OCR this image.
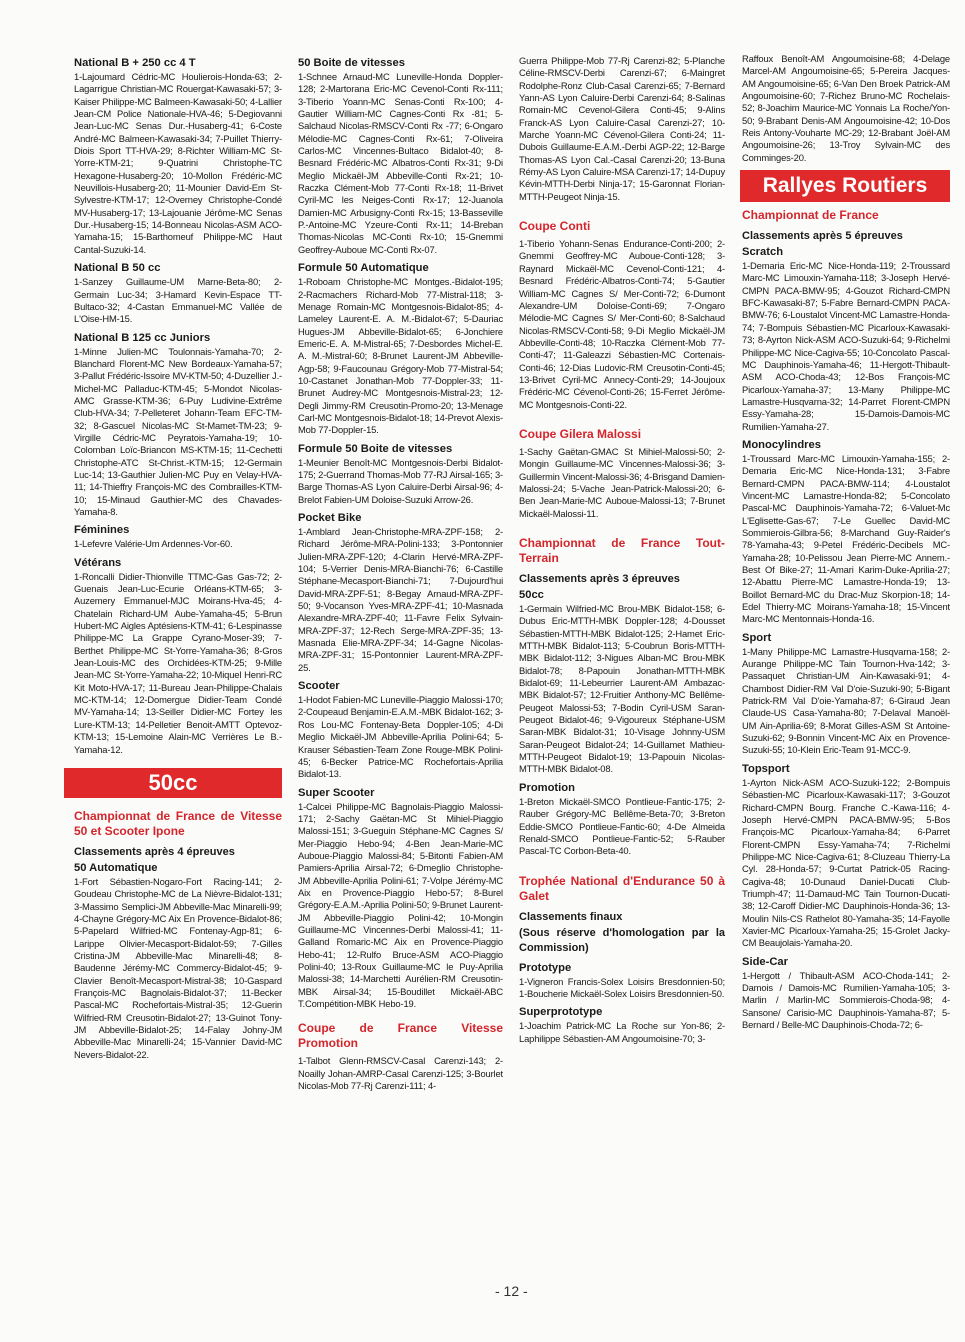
National B + 250 cc 4 T

1-Lajoumard Cédric-MC Houlierois-Honda-63; 2-Lagarrigue Christian-MC Rouergat-Kawasaki-57; 3-Kaiser Philippe-MC Balmeen-Kawasaki-50; 4-Lallier Jean-CM Police Nationale-HVA-46; 5-Degiovanni Jean-Luc-MC Senas Dur.-Husaberg-41; 6-Coste André-MC Balmeen-Kawasaki-34; 7-Puillet Thierry-Diois Sport TT-HVA-29; 8-Richter William-MC St-Yorre-KTM-21; 9-Quatrini Christophe-TC Hexagone-Husaberg-20; 10-Mollon Frédéric-MC Neuvillois-Husaberg-20; 11-Mounier David-Em St-Sylvestre-KTM-17; 12-Overney Christophe-Condé MV-Husaberg-17; 13-Lajouanie Jérôme-MC Senas Dur.-Husaberg-15; 14-Bonneau Nicolas-ASM ACO-Yamaha-15; 15-Barthomeuf Philippe-MC Haut Cantal-Suzuki-14.

National B 50 cc

1-Sanzey Guillaume-UM Marne-Beta-80; 2-Germain Luc-34; 3-Hamard Kevin-Espace TT-Bultaco-32; 4-Castan Emmanuel-MC Vallée de L'Oise-HM-15.

National B 125 cc Juniors

1-Minne Julien-MC Toulonnais-Yamaha-70; 2-Blanchard Florent-MC New Bordeaux-Yamaha-57; 3-Pallut Frédéric-Issoire MV-KTM-50; 4-Duzellier J.-Michel-MC Palladuc-KTM-45; 5-Mondot Nicolas-AMC Grasse-KTM-36; 6-Puy Ludivine-Extrême Club-HVA-34; 7-Pelleteret Johann-Team EFC-TM-32; 8-Gascuel Nicolas-MC St-Mamet-TM-23; 9-Virgille Cédric-MC Peyratois-Yamaha-19; 10-Colomban Loïc-Briancon MS-KTM-15; 11-Cechetti Christophe-ATC St-Christ.-KTM-15; 12-Germain Luc-14; 13-Gauthier Julien-MC Puy en Velay-HVA-11; 14-Thieffry François-MC des Combrailles-KTM-10; 15-Minaud Gauthier-MC des Chavades-Yamaha-8.

Féminines

1-Lefevre Valérie-Um Ardennes-Vor-60.

Vétérans

1-Roncalli Didier-Thionville TTMC-Gas Gas-72; 2-Guenais Jean-Luc-Ecurie Orléans-KTM-65; 3-Auzemery Emmanuel-MJC Moirans-Hva-45; 4-Chatelain Richard-UM Aube-Yamaha-45; 5-Brun Hubert-MC Aigles Aptésiens-KTM-41; 6-Lespinasse Philippe-MC La Grappe Cyrano-Moser-39; 7-Berthet Philippe-MC St-Yorre-Yamaha-36; 8-Gros Jean-Louis-MC des Orchidées-KTM-25; 9-Mille Jean-MC St-Yorre-Yamaha-22; 10-Miquel Henri-RC Kit Moto-HVA-17; 11-Bureau Jean-Philippe-Chalais MC-KTM-14; 12-Domergue Didier-Team Condé MV-Yamaha-14; 13-Seiller Didier-MC Fortey les Lure-KTM-13; 14-Pelletier Benoit-AMTT Optevoz-KTM-13; 15-Lemoine Alain-MC Verrières Le B.-Yamaha-12.

50cc
Championnat de France de Vitesse 50 et Scooter Ipone
Classements après 4 épreuves
50 Automatique

1-Fort Sébastien-Nogaro-Fort Racing-141; 2-Goudeau Christophe-MC de La Nièvre-Bidalot-131; 3-Massimo Semplici-JM Abbeville-Mac Minarelli-99; 4-Chayne Grégory-MC Aix En Provence-Bidalot-86; 5-Papelard Wilfried-MC Fontenay-Agp-81; 6-Larippe Olivier-Mecasport-Bidalot-59; 7-Gilles Cristina-JM Abbeville-Mac Minarelli-48; 8-Baudenne Jérémy-MC Commercy-Bidalot-45; 9-Clavier Benoît-Mecasport-Mistral-38; 10-Gaspard François-MC Bagnolais-Bidalot-37; 11-Becker Pascal-MC Rochefortais-Mistral-35; 12-Guerin Wilfried-RM Creusotin-Bidalot-27; 13-Guinot Tony-JM Abbeville-Bidalot-25; 14-Falay Johny-JM Abbeville-Mac Minarelli-24; 15-Vannier David-MC Nevers-Bidalot-22.

50 Boite de vitesses

1-Schnee Arnaud-MC Luneville-Honda Doppler-128; 2-Martorana Eric-MC Cevenol-Conti Rx-111; 3-Tiberio Yoann-MC Senas-Conti Rx-100; 4-Gautier William-MC Cagnes-Conti Rx -81; 5-Salchaud Nicolas-RMSCV-Conti Rx -77; 6-Ongaro Mélodie-MC Cagnes-Conti Rx-61; 7-Oliveira Carlos-MC Vincennes-Bultaco Bidalot-40; 8-Besnard Frédéric-MC Albatros-Conti Rx-31; 9-Di Meglio Mickaël-JM Abbeville-Conti Rx-21; 10-Raczka Clément-Mob 77-Conti Rx-18; 11-Brivet Cyril-MC les Neiges-Conti Rx-17; 12-Juanola Damien-MC Arbusigny-Conti Rx-15; 13-Basseville P.-Antoine-MC Yzeure-Conti Rx-11; 14-Breban Thomas-Nicolas MC-Conti Rx-10; 15-Gnemmi Geoffrey-Auboue MC-Conti Rx-07.

Formule 50 Automatique

1-Roboam Christophe-MC Montges.-Bidalot-195; 2-Racmachers Richard-Mob 77-Mistral-118; 3-Menage Romain-MC Montgesnois-Bidalot-85; 4-Lameley Laurent-E. A. M.-Bidalot-67; 5-Dauriac Hugues-JM Abbeville-Bidalot-65; 6-Jonchiere Emeric-E. A. M-Mistral-65; 7-Desbordes Michel-E. A. M.-Mistral-60; 8-Brunet Laurent-JM Abbeville-Agp-58; 9-Faucounau Grégory-Mob 77-Mistral-54; 10-Castanet Jonathan-Mob 77-Doppler-33; 11-Brunet Audrey-MC Montgesnois-Mistral-23; 12-Degli Jimmy-RM Creusotin-Promo-20; 13-Menage Carl-MC Montgesnois-Bidalot-18; 14-Prevot Alexis-Mob 77-Doppler-15.

Formule 50 Boite de vitesses

1-Meunier Benoît-MC Montgesnois-Derbi Bidalot-175; 2-Guerrand Thomas-Mob 77-RJ Airsal-165; 3-Barge Thomas-AS Lyon Caluire-Derbi Airsal-96; 4-Brelot Fabien-UM Doloise-Suzuki Arrow-26.

Pocket Bike

1-Amblard Jean-Christophe-MRA-ZPF-158; 2-Richard Jérôme-MRA-Polini-133; 3-Pontonnier Julien-MRA-ZPF-120; 4-Clarin Hervé-MRA-ZPF-104; 5-Verrier Denis-MRA-Bianchi-76; 6-Castille Stéphane-Mecasport-Bianchi-71; 7-Dujourd'hui David-MRA-ZPF-51; 8-Begay Arnaud-MRA-ZPF-50; 9-Vocanson Yves-MRA-ZPF-41; 10-Masnada Alexandre-MRA-ZPF-40; 11-Favre Felix Sylvain-MRA-ZPF-37; 12-Rech Serge-MRA-ZPF-35; 13-Masnada Elie-MRA-ZPF-34; 14-Gagne Nicolas-MRA-ZPF-31; 15-Pontonnier Laurent-MRA-ZPF-25.

Scooter

1-Hodot Fabien-MC Luneville-Piaggio Malossi-170; 2-Coupeaud Benjamin-E.A.M.-MBK Bidalot-162; 3-Ros Lou-MC Fontenay-Beta Doppler-105; 4-Di Meglio Mickaël-JM Abbeville-Aprilia Polini-64; 5-Krauser Sébastien-Team Zone Rouge-MBK Polini-45; 6-Becker Patrice-MC Rochefortais-Aprilia Bidalot-13.

Super Scooter

1-Calcei Philippe-MC Bagnolais-Piaggio Malossi-171; 2-Sachy Gaëtan-MC St Mihiel-Piaggio Malossi-151; 3-Gueguin Stéphane-MC Cagnes S/ Mer-Piaggio Hebo-94; 4-Ben Jean-Marie-MC Auboue-Piaggio Malossi-84; 5-Bitonti Fabien-AM Pamiers-Aprilia Airsal-72; 6-Dmeglio Christophe-JM Abbeville-Aprilia Polini-61; 7-Volpe Jérémy-MC Aix en Provence-Piaggio Hebo-57; 8-Burel Grégory-E.A.M.-Aprilia Polini-50; 9-Brunet Laurent-JM Abbeville-Piaggio Polini-42; 10-Mongin Guillaume-MC Vincennes-Derbi Malossi-41; 11-Galland Romaric-MC Aix en Provence-Piaggio Hebo-41; 12-Rulfo Bruce-ASM ACO-Piaggio Polini-40; 13-Roux Guillaume-MC le Puy-Aprilia Malossi-38; 14-Marchetti Aurélien-RM Creusotin-MBK Airsal-34; 15-Boudillet Mickaël-ABC T.Compétition-MBK Hebo-19.

Coupe de France Vitesse Promotion

1-Talbot Glenn-RMSCV-Casal Carenzi-143; 2-Noailly Johan-AMRP-Casal Carenzi-125; 3-Bourlet Nicolas-Mob 77-Rj Carenzi-111; 4-

Guerra Philippe-Mob 77-Rj Carenzi-82; 5-Planche Céline-RMSCV-Derbi Carenzi-67; 6-Maingret Rodolphe-Ronz Club-Casal Carenzi-65; 7-Bernard Yann-AS Lyon Caluire-Derbi Carenzi-64; 8-Salinas Romain-MC Cevenol-Gilera Conti-45; 9-Alins Franck-AS Lyon Caluire-Casal Carenzi-27; 10-Marche Yoann-MC Cévenol-Gilera Conti-24; 11-Dubois Guillaume-E.A.M.-Derbi AGP-22; 12-Barge Thomas-AS Lyon Cal.-Casal Carenzi-20; 13-Buna Rémy-AS Lyon Caluire-MSA Carenzi-17; 14-Dupuy Kévin-MTTH-Derbi Ninja-17; 15-Garonnat Florian-MTTH-Peugeot Ninja-15.

Coupe Conti

1-Tiberio Yohann-Senas Endurance-Conti-200; 2-Gnemmi Geoffrey-MC Auboue-Conti-128; 3-Raynard Mickaël-MC Cevenol-Conti-121; 4-Besnard Frédéric-Albatros-Conti-74; 5-Gautier William-MC Cagnes S/ Mer-Conti-72; 6-Dumont Alexandre-UM Doloise-Conti-69; 7-Ongaro Mélodie-MC Cagnes S/ Mer-Conti-60; 8-Salchaud Nicolas-RMSCV-Conti-58; 9-Di Meglio Mickaël-JM Abbeville-Conti-48; 10-Raczka Clément-Mob 77-Conti-47; 11-Galeazzi Sébastien-MC Cortenais-Conti-46; 12-Dias Ludovic-RM Creusotin-Conti-45; 13-Brivet Cyril-MC Annecy-Conti-29; 14-Joujoux Frédéric-MC Cévenol-Conti-26; 15-Ferret Jérôme-MC Montgesnois-Conti-22.

Coupe Gilera Malossi

1-Sachy Gaëtan-GMAC St Mihiel-Malossi-50; 2-Mongin Guillaume-MC Vincennes-Malossi-36; 3-Guillermin Vincent-Malossi-36; 4-Brisgand Damien-Malossi-24; 5-Vache Jean-Patrick-Malossi-20; 6-Ben Jean-Marie-MC Auboue-Malossi-13; 7-Brunet Mickaël-Malossi-11.

Championnat de France Tout-Terrain
Classements après 3 épreuves
50cc

1-Germain Wilfried-MC Brou-MBK Bidalot-158; 6-Dubus Eric-MTTH-MBK Doppler-128; 4-Dousset Sébastien-MTTH-MBK Bidalot-125; 2-Hamet Eric-MTTH-MBK Bidalot-113; 5-Coubrun Boris-MTTH-MBK Bidalot-112; 3-Nigues Alban-MC Brou-MBK Bidalot-78; 8-Papouin Jonathan-MTTH-MBK Bidalot-69; 11-Lebeurrier Laurent-AM Ambazac-MBK Bidalot-57; 12-Fruitier Anthony-MC Bellême-Peugeot Malossi-53; 7-Bodin Cyril-USM Saran-Peugeot Bidalot-46; 9-Vigoureux Stéphane-USM Saran-MBK Bidalot-31; 10-Visage Johnny-USM Saran-Peugeot Bidalot-24; 14-Guillamet Mathieu-MTTH-Peugeot Bidalot-19; 13-Papouin Nicolas-MTTH-MBK Bidalot-08.

Promotion

1-Breton Mickaël-SMCO Pontlieue-Fantic-175; 2-Rauber Grégory-MC Bellême-Beta-70; 3-Breton Eddie-SMCO Pontlieue-Fantic-60; 4-De Almeida Renald-SMCO Pontlieue-Fantic-52; 5-Rauber Pascal-TC Corbon-Beta-40.

Trophée National d'Endurance 50 à Galet
Classements finaux
(Sous réserve d'homologation par la Commission)
Prototype

1-Vigneron Francis-Solex Loisirs Bresdonnien-50; 1-Boucherie Mickaël-Solex Loisirs Bresdonnien-50.

Superprototype

1-Joachim Patrick-MC La Roche sur Yon-86; 2-Laphilippe Sébastien-AM Angoumoisine-70; 3-

Raffoux Benoît-AM Angoumoisine-68; 4-Delage Marcel-AM Angoumoisine-65; 5-Pereira Jacques-AM Angoumoisine-65; 6-Van Den Broek Patrick-AM Angoumoisine-60; 7-Richez Bruno-MC Rochelais-52; 8-Joachim Maurice-MC Yonnais La Roche/Yon-50; 9-Brabant Denis-AM Angoumoisine-42; 10-Dos Reis Antony-Vouharte MC-29; 12-Brabant Joël-AM Angoumoisine-26; 13-Troy Sylvain-MC des Comminges-20.

Rallyes Routiers
Championnat de France
Classements après 5 épreuves
Scratch

1-Demaria Eric-MC Nice-Honda-119; 2-Troussard Marc-MC Limouxin-Yamaha-118; 3-Joseph Hervé-CMPN PACA-BMW-95; 4-Gouzot Richard-CMPN BFC-Kawasaki-87; 5-Fabre Bernard-CMPN PACA-BMW-76; 6-Loustalot Vincent-MC Lamastre-Honda-74; 7-Bompuis Sébastien-MC Picarloux-Kawasaki-73; 8-Ayrton Nick-ASM ACO-Suzuki-64; 9-Richelmi Philippe-MC Nice-Cagiva-55; 10-Concolato Pascal-MC Dauphinois-Yamaha-46; 11-Hergott-Thibault-ASM ACO-Choda-43; 12-Bos François-MC Picarloux-Yamaha-37; 13-Many Philippe-MC Lamastre-Husqvarna-32; 14-Parret Florent-CMPN Essy-Yamaha-28; 15-Damois-Damois-MC Rumilien-Yamaha-27.

Monocylindres

1-Troussard Marc-MC Limouxin-Yamaha-155; 2-Demaria Eric-MC Nice-Honda-131; 3-Fabre Bernard-CMPN PACA-BMW-114; 4-Loustalot Vincent-MC Lamastre-Honda-82; 5-Concolato Pascal-MC Dauphinois-Yamaha-72; 6-Valuet-Mc L'Eglisette-Gas-67; 7-Le Guellec David-MC Sommierois-Gilbra-56; 8-Marchand Guy-Raider's 78-Yamaha-43; 9-Petel Frédéric-Decibels MC-Yamaha-28; 10-Pelissou Jean Pierre-MC Annem.-Best Of Bike-27; 11-Amari Karim-Duke-Aprilia-27; 12-Abattu Pierre-MC Lamastre-Honda-19; 13-Boillot Bernard-MC du Drac-Muz Skorpion-18; 14-Edel Thierry-MC Moirans-Yamaha-18; 15-Vincent Marc-MC Mentonnais-Honda-16.

Sport

1-Many Philippe-MC Lamastre-Husqvarna-158; 2-Aurange Philippe-MC Tain Tournon-Hva-142; 3-Passaquet Christian-UM Ain-Kawasaki-91; 4-Chambost Didier-RM Val D'oie-Suzuki-90; 5-Bigant Patrick-RM Val D'oie-Yamaha-87; 6-Giraud Jean Claude-US Casa-Yamaha-80; 7-Delaval Manoël-UM Ain-Aprilia-69; 8-Morat Gilles-ASM St Antoine-Suzuki-62; 9-Bonnin Vincent-MC Aix en Provence-Suzuki-55; 10-Klein Eric-Team 91-MCC-9.

Topsport

1-Ayrton Nick-ASM ACO-Suzuki-122; 2-Bompuis Sébastien-MC Picarloux-Kawasaki-117; 3-Gouzot Richard-CMPN Bourg. Franche C.-Kawa-116; 4-Joseph Hervé-CMPN PACA-BMW-95; 5-Bos François-MC Picarloux-Yamaha-84; 6-Parret Florent-CMPN Essy-Yamaha-74; 7-Richelmi Philippe-MC Nice-Cagiva-61; 8-Cluzeau Thierry-La Cyl. 28-Honda-57; 9-Curtat Patrick-05 Racing-Cagiva-48; 10-Dunaud Daniel-Ducati Club-Triumph-47; 11-Damaud-MC Tain Tournon-Ducati-38; 12-Caroff Didier-MC Dauphinois-Honda-36; 13-Moulin Nils-CS Rathelot 80-Yamaha-35; 14-Fayolle Xavier-MC Picarloux-Yamaha-25; 15-Grolet Jacky-CM Beaujolais-Yamaha-20.

Side-Car

1-Hergott / Thibault-ASM ACO-Choda-141; 2-Damois / Damois-MC Rumilien-Yamaha-105; 3-Marlin / Marlin-MC Sommierois-Choda-98; 4-Sansone/ Carisio-MC Dauphinois-Yamaha-87; 5-Bernard / Belle-MC Dauphinois-Choda-72; 6-

- 12 -
